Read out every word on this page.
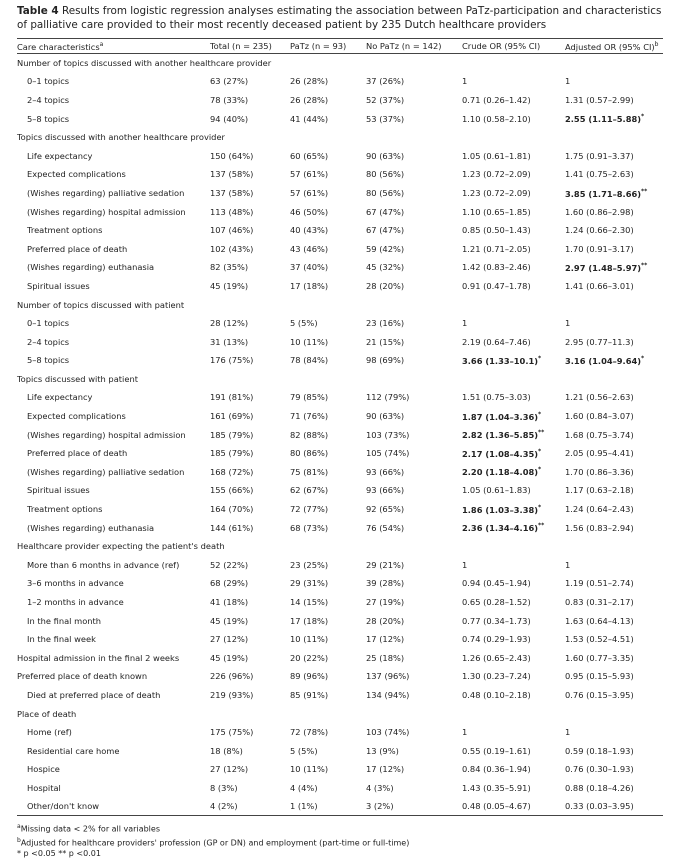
Table 4 Results from logistic regression analyses estimating the association between PaTz-participation and characteristics of palliative care provided to their most recently deceased patient by 235 Dutch healthcare providers
Care characteristics$^a$	Total (n = 235)	PaTz (n = 93)	No PaTz (n = 142)	Crude OR (95% CI)	Adjusted OR (95% CI)$^b$
Number of topics discussed with another healthcare provider					
0–1 topics	63 (27%)	26 (28%)	37 (26%)	1	1
2–4 topics	78 (33%)	26 (28%)	52 (37%)	0.71 (0.26–1.42)	1.31 (0.57–2.99)
5–8 topics	94 (40%)	41 (44%)	53 (37%)	1.10 (0.58–2.10)	2.55 (1.11–5.88)*
Topics discussed with another healthcare provider					
Life expectancy	150 (64%)	60 (65%)	90 (63%)	1.05 (0.61–1.81)	1.75 (0.91–3.37)
Expected complications	137 (58%)	57 (61%)	80 (56%)	1.23 (0.72–2.09)	1.41 (0.75–2.63)
(Wishes regarding) palliative sedation	137 (58%)	57 (61%)	80 (56%)	1.23 (0.72–2.09)	3.85 (1.71–8.66)**
(Wishes regarding) hospital admission	113 (48%)	46 (50%)	67 (47%)	1.10 (0.65–1.85)	1.60 (0.86–2.98)
Treatment options	107 (46%)	40 (43%)	67 (47%)	0.85 (0.50–1.43)	1.24 (0.66–2.30)
Preferred place of death	102 (43%)	43 (46%)	59 (42%)	1.21 (0.71–2.05)	1.70 (0.91–3.17)
(Wishes regarding) euthanasia	82 (35%)	37 (40%)	45 (32%)	1.42 (0.83–2.46)	2.97 (1.48–5.97)**
Spiritual issues	45 (19%)	17 (18%)	28 (20%)	0.91 (0.47–1.78)	1.41 (0.66–3.01)
Number of topics discussed with patient					
0–1 topics	28 (12%)	5 (5%)	23 (16%)	1	1
2–4 topics	31 (13%)	10 (11%)	21 (15%)	2.19 (0.64–7.46)	2.95 (0.77–11.3)
5–8 topics	176 (75%)	78 (84%)	98 (69%)	3.66 (1.33–10.1)*	3.16 (1.04–9.64)*
Topics discussed with patient					
Life expectancy	191 (81%)	79 (85%)	112 (79%)	1.51 (0.75–3.03)	1.21 (0.56–2.63)
Expected complications	161 (69%)	71 (76%)	90 (63%)	1.87 (1.04–3.36)*	1.60 (0.84–3.07)
(Wishes regarding) hospital admission	185 (79%)	82 (88%)	103 (73%)	2.82 (1.36–5.85)**	1.68 (0.75–3.74)
Preferred place of death	185 (79%)	80 (86%)	105 (74%)	2.17 (1.08–4.35)*	2.05 (0.95–4.41)
(Wishes regarding) palliative sedation	168 (72%)	75 (81%)	93 (66%)	2.20 (1.18–4.08)*	1.70 (0.86–3.36)
Spiritual issues	155 (66%)	62 (67%)	93 (66%)	1.05 (0.61–1.83)	1.17 (0.63–2.18)
Treatment options	164 (70%)	72 (77%)	92 (65%)	1.86 (1.03–3.38)*	1.24 (0.64–2.43)
(Wishes regarding) euthanasia	144 (61%)	68 (73%)	76 (54%)	2.36 (1.34–4.16)**	1.56 (0.83–2.94)
Healthcare provider expecting the patient's death					
More than 6 months in advance (ref)	52 (22%)	23 (25%)	29 (21%)	1	1
3–6 months in advance	68 (29%)	29 (31%)	39 (28%)	0.94 (0.45–1.94)	1.19 (0.51–2.74)
1–2 months in advance	41 (18%)	14 (15%)	27 (19%)	0.65 (0.28–1.52)	0.83 (0.31–2.17)
In the final month	45 (19%)	17 (18%)	28 (20%)	0.77 (0.34–1.73)	1.63 (0.64–4.13)
In the final week	27 (12%)	10 (11%)	17 (12%)	0.74 (0.29–1.93)	1.53 (0.52–4.51)
Hospital admission in the final 2 weeks	45 (19%)	20 (22%)	25 (18%)	1.26 (0.65–2.43)	1.60 (0.77–3.35)
Preferred place of death known	226 (96%)	89 (96%)	137 (96%)	1.30 (0.23–7.24)	0.95 (0.15–5.93)
Died at preferred place of death	219 (93%)	85 (91%)	134 (94%)	0.48 (0.10–2.18)	0.76 (0.15–3.95)
Place of death					
Home (ref)	175 (75%)	72 (78%)	103 (74%)	1	1
Residential care home	18 (8%)	5 (5%)	13 (9%)	0.55 (0.19–1.61)	0.59 (0.18–1.93)
Hospice	27 (12%)	10 (11%)	17 (12%)	0.84 (0.36–1.94)	0.76 (0.30–1.93)
Hospital	8 (3%)	4 (4%)	4 (3%)	1.43 (0.35–5.91)	0.88 (0.18–4.26)
Other/don't know	4 (2%)	1 (1%)	3 (2%)	0.48 (0.05–4.67)	0.33 (0.03–3.95)
$^a$Missing data < 2% for all variables
$^b$Adjusted for healthcare providers' profession (GP or DN) and employment (part-time or full-time)
* p <0.05 ** p <0.01
